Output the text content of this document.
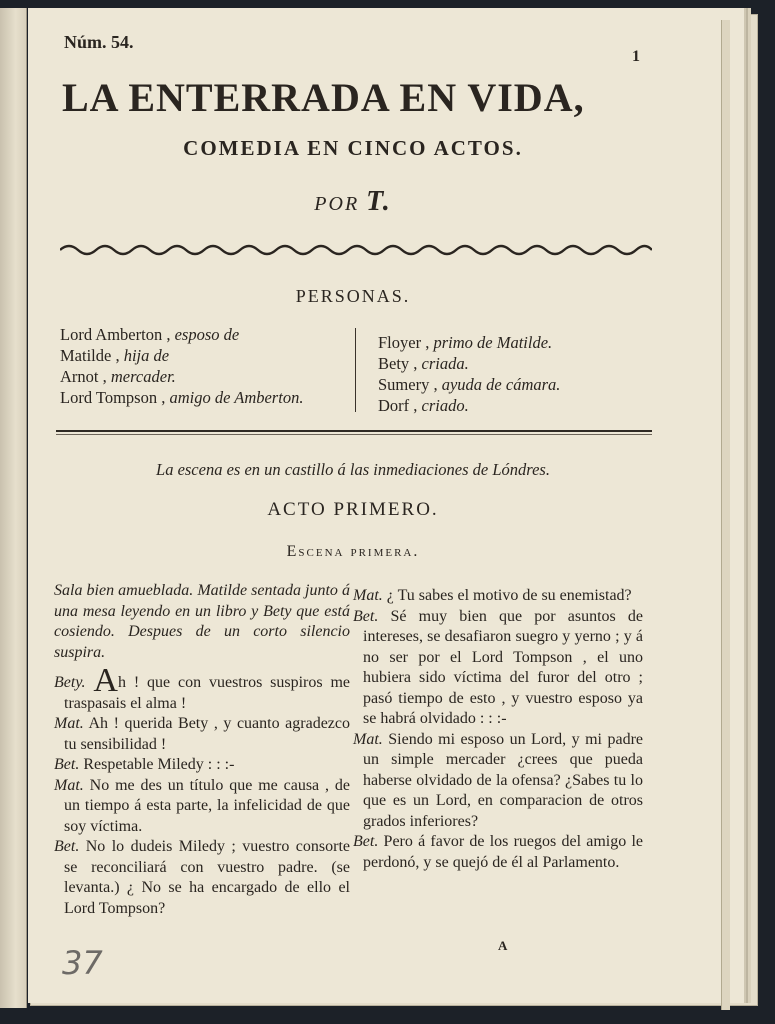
Núm. 54.
1
LA ENTERRADA EN VIDA,
COMEDIA EN CINCO ACTOS.
POR T.
PERSONAS.
Lord Amberton , esposo de
Matilde , hija de
Arnot , mercader.
Lord Tompson , amigo de Amberton.
Floyer , primo de Matilde.
Bety , criada.
Sumery , ayuda de cámara.
Dorf , criado.
La escena es en un castillo á las inmediaciones de Lóndres.
ACTO PRIMERO.
Escena primera.

Sala bien amueblada. Matilde sentada junto á una mesa leyendo en un libro y Bety que está cosiendo. Despues de un corto silencio suspira.

Bety. Ah ! que con vuestros suspiros me traspasais el alma !

Mat. Ah ! querida Bety , y cuanto agradezco tu sensibilidad !

Bet. Respetable Miledy : : :-

Mat. No me des un título que me causa , de un tiempo á esta parte, la infelicidad de que soy víctima.

Bet. No lo dudeis Miledy ; vuestro consorte se reconciliará con vuestro padre. (se levanta.) ¿ No se ha encargado de ello el Lord Tompson?

Mat. ¿ Tu sabes el motivo de su enemistad?

Bet. Sé muy bien que por asuntos de intereses, se desafiaron suegro y yerno ; y á no ser por el Lord Tompson , el uno hubiera sido víctima del furor del otro ; pasó tiempo de esto , y vuestro esposo ya se habrá olvidado : : :-

Mat. Siendo mi esposo un Lord, y mi padre un simple mercader ¿crees que pueda haberse olvidado de la ofensa? ¿Sabes tu lo que es un Lord, en comparacion de otros grados inferiores?

Bet. Pero á favor de los ruegos del amigo le perdonó, y se quejó de él al Parlamento.

A
37
